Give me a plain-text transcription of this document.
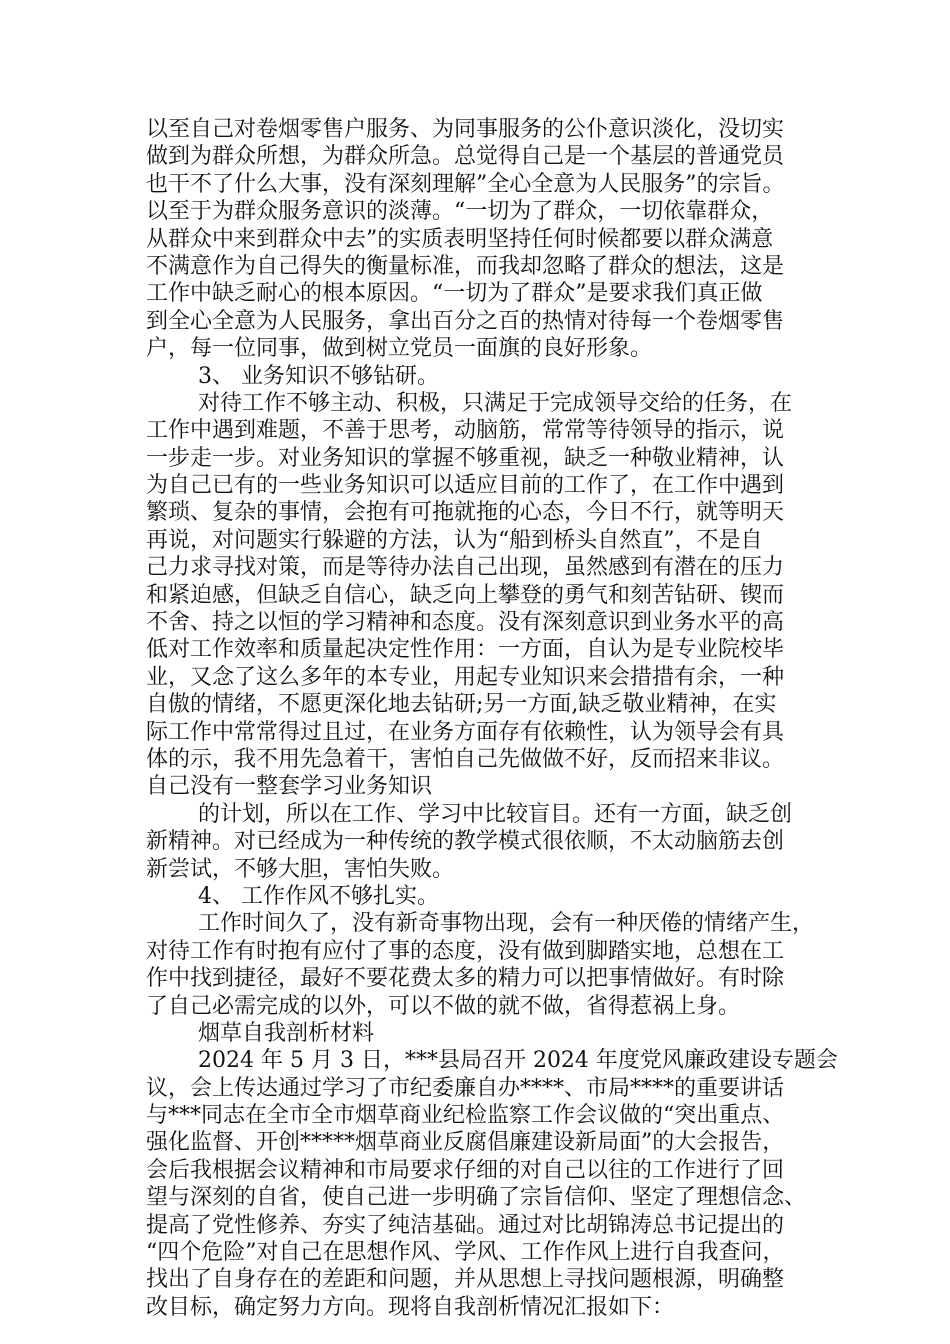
以至自己对卷烟零售户服务、为同事服务的公仆意识淡化，没切实
做到为群众所想，为群众所急。总觉得自己是一个基层的普通党员
也干不了什么大事，没有深刻理解”全心全意为人民服务”的宗旨。
以至于为群众服务意识的淡薄。“一切为了群众，一切依靠群众，
从群众中来到群众中去”的实质表明坚持任何时候都要以群众满意
不满意作为自己得失的衡量标准，而我却忽略了群众的想法，这是
工作中缺乏耐心的根本原因。“一切为了群众”是要求我们真正做
到全心全意为人民服务，拿出百分之百的热情对待每一个卷烟零售
户，每一位同事，做到树立党员一面旗的良好形象。
3、 业务知识不够钻研。
对待工作不够主动、积极，只满足于完成领导交给的任务，在
工作中遇到难题，不善于思考，动脑筋，常常等待领导的指示，说
一步走一步。对业务知识的掌握不够重视，缺乏一种敬业精神，认
为自己已有的一些业务知识可以适应目前的工作了，在工作中遇到
繁琐、复杂的事情，会抱有可拖就拖的心态，今日不行，就等明天
再说，对问题实行躲避的方法，认为“船到桥头自然直”，不是自
己力求寻找对策，而是等待办法自己出现，虽然感到有潜在的压力
和紧迫感，但缺乏自信心，缺乏向上攀登的勇气和刻苦钻研、锲而
不舍、持之以恒的学习精神和态度。没有深刻意识到业务水平的高
低对工作效率和质量起决定性作用：一方面，自认为是专业院校毕
业，又念了这么多年的本专业，用起专业知识来会措措有余，一种
自傲的情绪，不愿更深化地去钻研;另一方面,缺乏敬业精神，在实
际工作中常常得过且过，在业务方面存有依赖性，认为领导会有具
体的示，我不用先急着干，害怕自己先做做不好，反而招来非议。
自己没有一整套学习业务知识
的计划，所以在工作、学习中比较盲目。还有一方面，缺乏创
新精神。对已经成为一种传统的教学模式很依顺，不太动脑筋去创
新尝试，不够大胆，害怕失败。
4、 工作作风不够扎实。
工作时间久了，没有新奇事物出现，会有一种厌倦的情绪产生，
对待工作有时抱有应付了事的态度，没有做到脚踏实地，总想在工
作中找到捷径，最好不要花费太多的精力可以把事情做好。有时除
了自己必需完成的以外，可以不做的就不做，省得惹祸上身。
烟草自我剖析材料
2024 年 5 月 3 日，***县局召开 2024 年度党风廉政建设专题会
议，会上传达通过学习了市纪委廉自办****、市局****的重要讲话
与***同志在全市全市烟草商业纪检监察工作会议做的“突出重点、
强化监督、开创*****烟草商业反腐倡廉建设新局面”的大会报告，
会后我根据会议精神和市局要求仔细的对自己以往的工作进行了回
望与深刻的自省，使自己进一步明确了宗旨信仰、坚定了理想信念、
提高了党性修养、夯实了纯洁基础。通过对比胡锦涛总书记提出的
“四个危险”对自己在思想作风、学风、工作作风上进行自我查问，
找出了自身存在的差距和问题，并从思想上寻找问题根源，明确整
改目标，确定努力方向。现将自我剖析情况汇报如下：
